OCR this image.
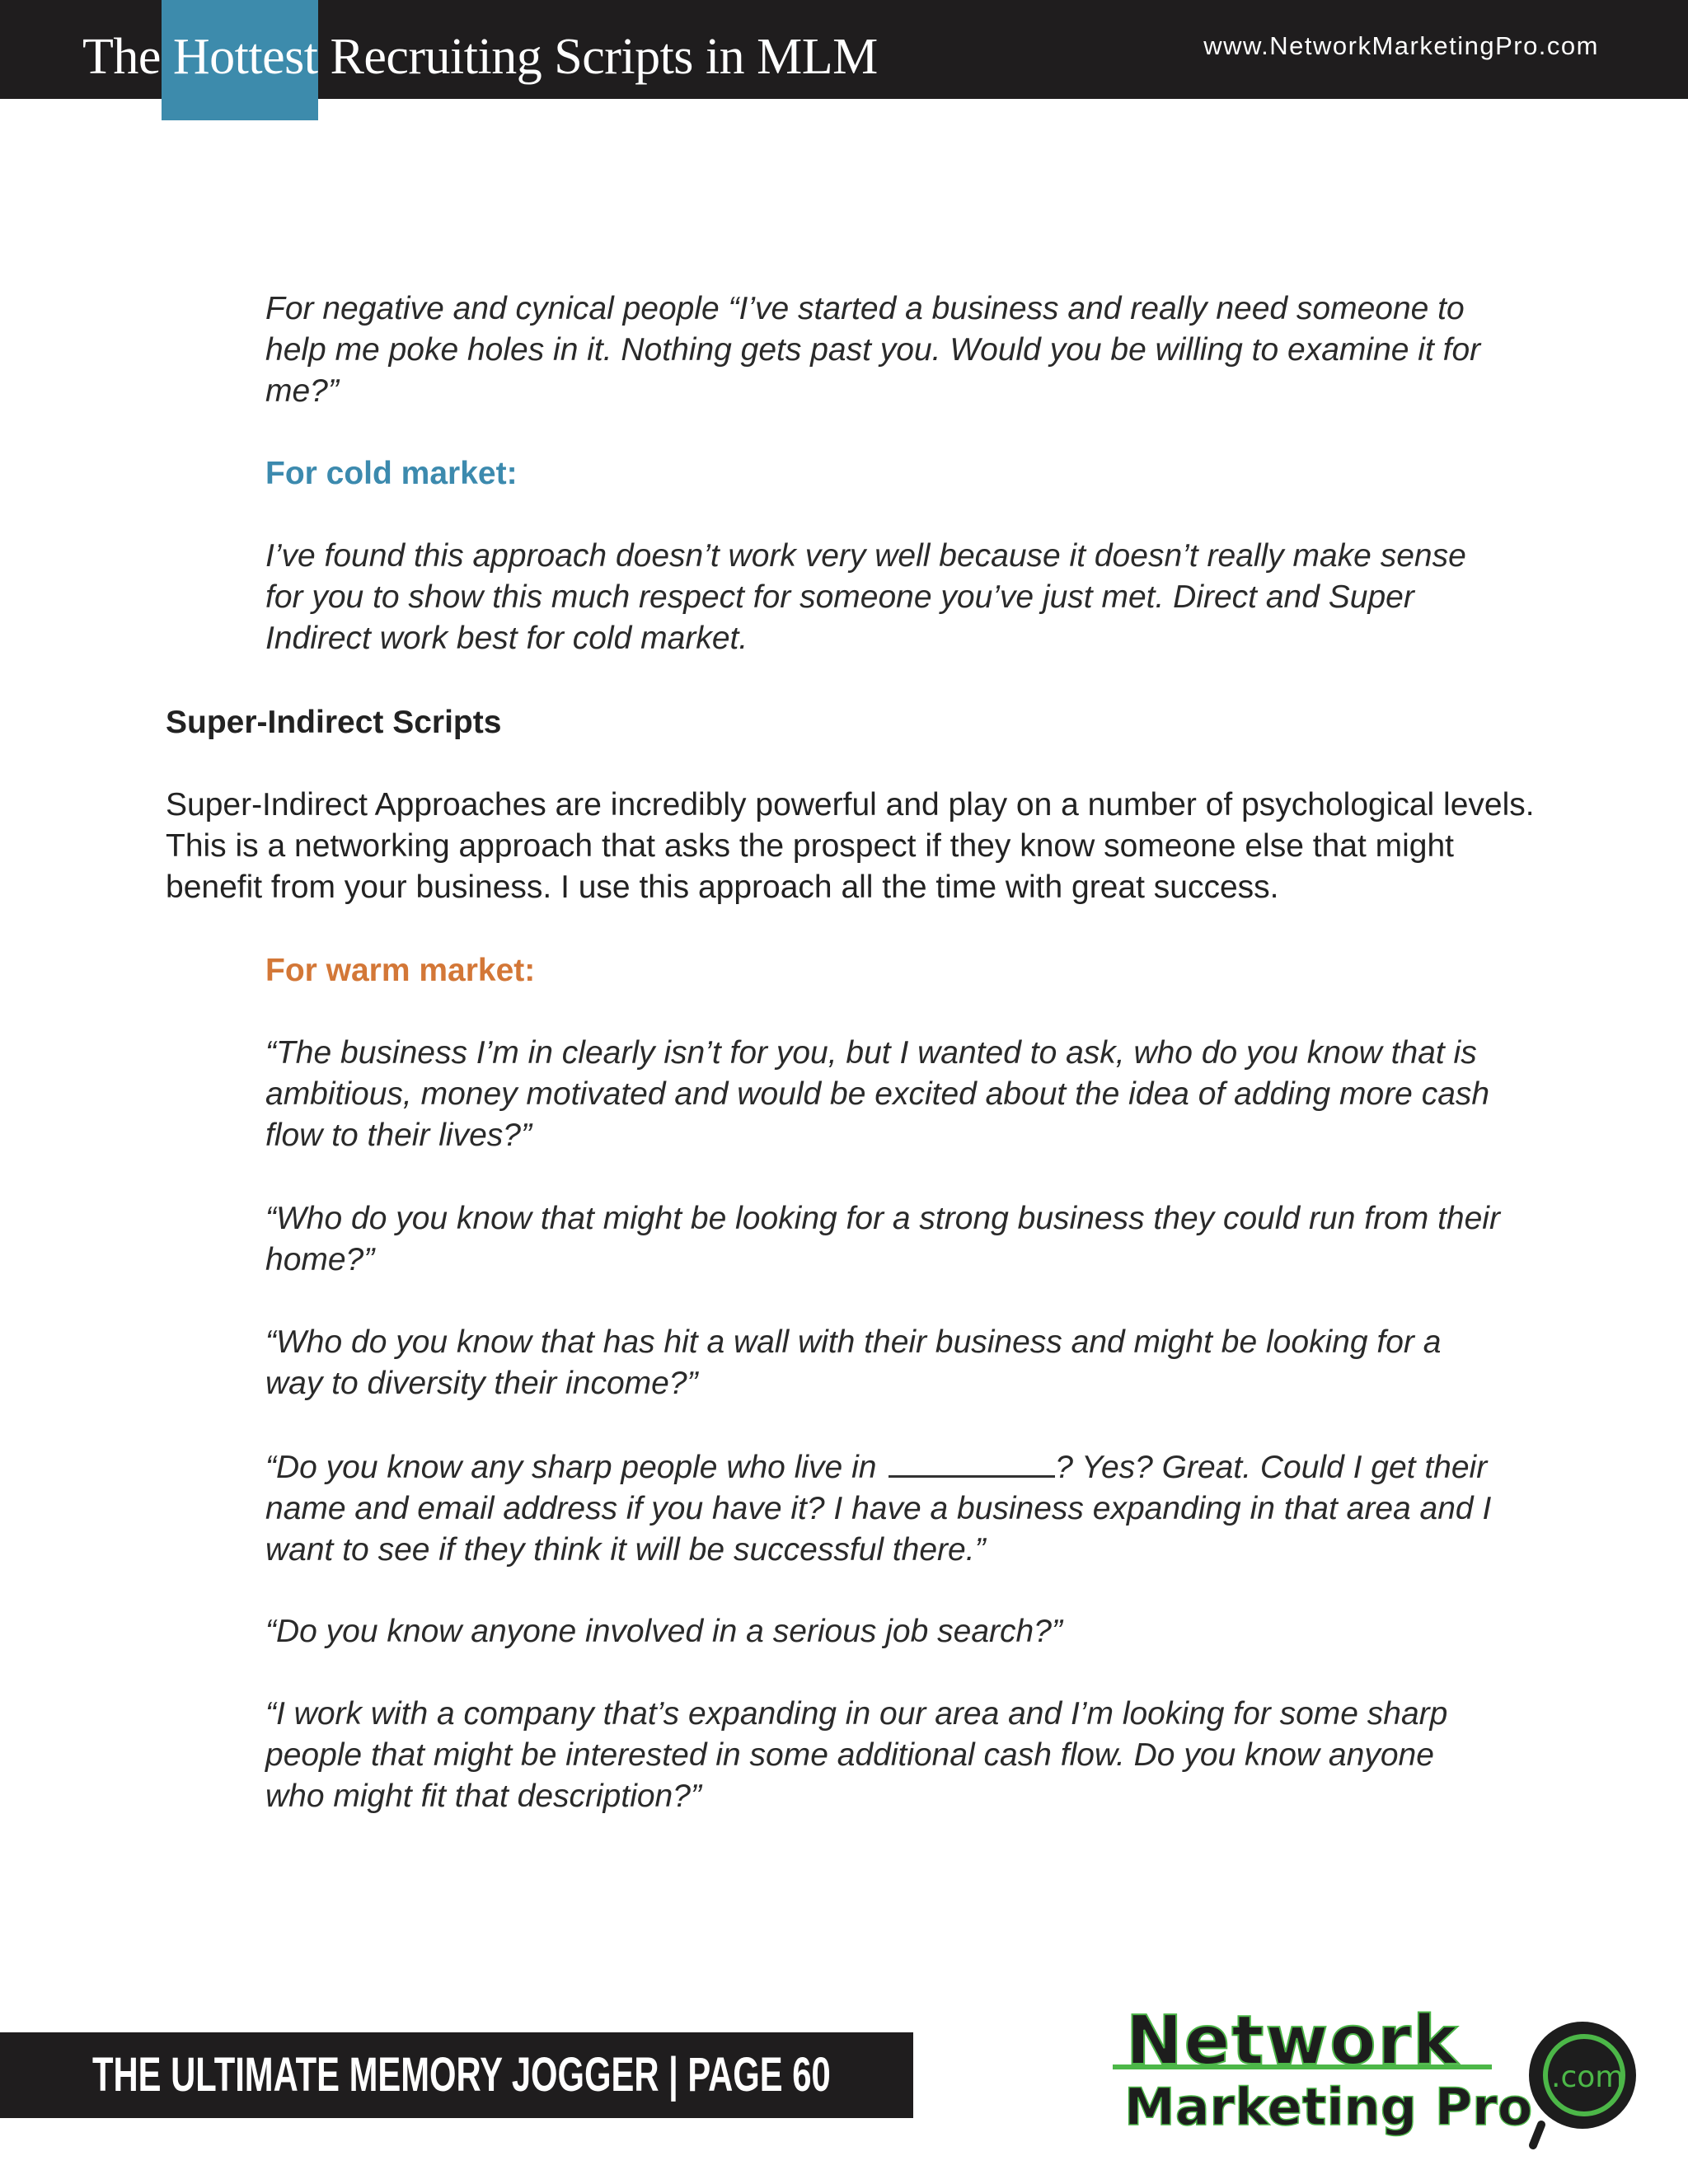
The Hottest Recruiting Scripts in MLM	www.NetworkMarketingPro.com
For negative and cynical people “I’ve started a business and really need someone to help me poke holes in it. Nothing gets past you. Would you be willing to examine it for me?”
For cold market:
I’ve found this approach doesn’t work very well because it doesn’t really make sense for you to show this much respect for someone you’ve just met. Direct and Super Indirect work best for cold market.
Super-Indirect Scripts
Super-Indirect Approaches are incredibly powerful and play on a number of psychological levels. This is a networking approach that asks the prospect if they know someone else that might benefit from your business. I use this approach all the time with great success.
For warm market:
“The business I’m in clearly isn’t for you, but I wanted to ask, who do you know that is ambitious, money motivated and would be excited about the idea of adding more cash flow to their lives?”
“Who do you know that might be looking for a strong business they could run from their home?”
“Who do you know that has hit a wall with their business and might be looking for a way to diversity their income?”
“Do you know any sharp people who live in	? Yes? Great. Could I get their name and email address if you have it? I have a business expanding in that area and I want to see if they think it will be successful there.”
“Do you know anyone involved in a serious job search?”
“I work with a company that’s expanding in our area and I’m looking for some sharp people that might be interested in some additional cash flow. Do you know anyone who might fit that description?”
THE ULTIMATE MEMORY JOGGER | PAGE 60	Network
Marketing Pro .com
